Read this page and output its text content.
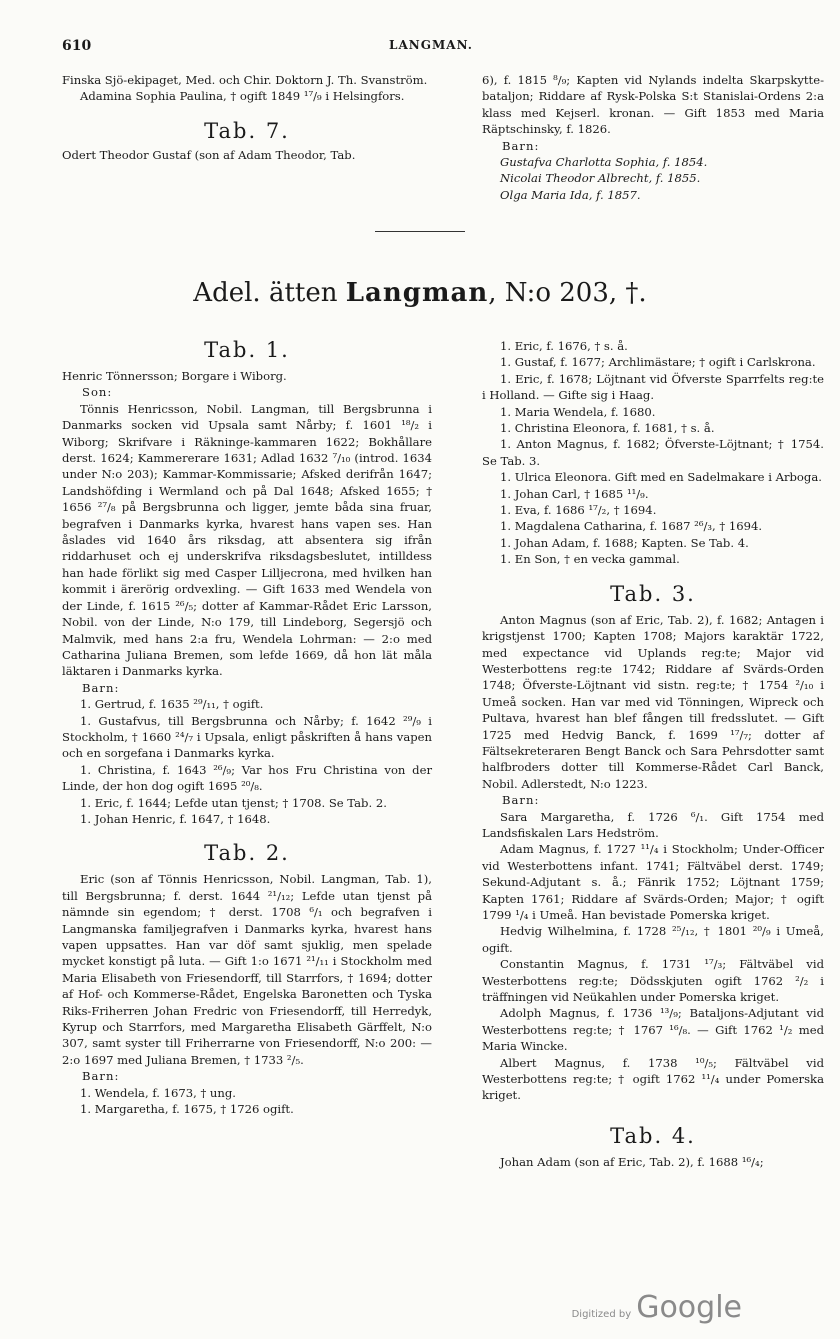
610	LANGMAN.

Finska Sjö-ekipaget, Med. och Chir. Doktorn J. Th. Svanström.

Adamina Sophia Paulina, † ogift 1849 ¹⁷/₉ i Helsingfors.

Tab. 7.

Odert Theodor Gustaf (son af Adam Theodor, Tab.

6), f. 1815 ⁸/₉; Kapten vid Nylands indelta Skarpskytte-bataljon; Riddare af Rysk-Polska S:t Stanislai-Ordens 2:a klass med Kejserl. kronan. — Gift 1853 med Maria Räptschinsky, f. 1826.

Barn:

Gustafva Charlotta Sophia, f. 1854.

Nicolai Theodor Albrecht, f. 1855.

Olga Maria Ida, f. 1857.

Adel. ätten Langman, N:o 203, †.

Tab. 1.

Henric Tönnersson; Borgare i Wiborg.

Son:

Tönnis Henricsson, Nobil. Langman, till Bergsbrunna i Danmarks socken vid Upsala samt Nårby; f. 1601 ¹⁸/₂ i Wiborg; Skrifvare i Räkninge-kammaren 1622; Bokhållare derst. 1624; Kammererare 1631; Adlad 1632 ⁷/₁₀ (introd. 1634 under N:o 203); Kammar-Kommissarie; Afsked derifrån 1647; Landshöfding i Wermland och på Dal 1648; Afsked 1655; † 1656 ²⁷/₈ på Bergsbrunna och ligger, jemte båda sina fruar, begrafven i Danmarks kyrka, hvarest hans vapen ses. Han åslades vid 1640 års riksdag, att absentera sig ifrån riddarhuset och ej underskrifva riksdagsbeslutet, intilldess han hade förlikt sig med Casper Lilljecrona, med hvilken han kommit i ärerörig ordvexling. — Gift 1633 med Wendela von der Linde, f. 1615 ²⁶/₅; dotter af Kammar-Rådet Eric Larsson, Nobil. von der Linde, N:o 179, till Lindeborg, Segersjö och Malmvik, med hans 2:a fru, Wendela Lohrman: — 2:o med Catharina Juliana Bremen, som lefde 1669, då hon lät måla läktaren i Danmarks kyrka.

Barn:

1. Gertrud, f. 1635 ²⁹/₁₁, † ogift.

1. Gustafvus, till Bergsbrunna och Nårby; f. 1642 ²⁹/₉ i Stockholm, † 1660 ²⁴/₇ i Upsala, enligt påskriften å hans vapen och en sorgefana i Danmarks kyrka.

1. Christina, f. 1643 ²⁶/₉; Var hos Fru Christina von der Linde, der hon dog ogift 1695 ²⁰/₈.

1. Eric, f. 1644; Lefde utan tjenst; † 1708. Se Tab. 2.

1. Johan Henric, f. 1647, † 1648.

Tab. 2.

Eric (son af Tönnis Henricsson, Nobil. Langman, Tab. 1), till Bergsbrunna; f. derst. 1644 ²¹/₁₂; Lefde utan tjenst på nämnde sin egendom; † derst. 1708 ⁶/₁ och begrafven i Langmanska familjegrafven i Danmarks kyrka, hvarest hans vapen uppsattes. Han var döf samt sjuklig, men spelade mycket konstigt på luta. — Gift 1:o 1671 ²¹/₁₁ i Stockholm med Maria Elisabeth von Friesendorff, till Starrfors, † 1694; dotter af Hof- och Kommerse-Rådet, Engelska Baronetten och Tyska Riks-Friherren Johan Fredric von Friesendorff, till Herredyk, Kyrup och Starrfors, med Margaretha Elisabeth Gärffelt, N:o 307, samt syster till Friherrarne von Friesendorff, N:o 200: — 2:o 1697 med Juliana Bremen, † 1733 ²/₅.

Barn:

1. Wendela, f. 1673, † ung.

1. Margaretha, f. 1675, † 1726 ogift.

1. Eric, f. 1676, † s. å.

1. Gustaf, f. 1677; Archlimästare; † ogift i Carlskrona.

1. Eric, f. 1678; Löjtnant vid Öfverste Sparrfelts reg:te i Holland. — Gifte sig i Haag.

1. Maria Wendela, f. 1680.

1. Christina Eleonora, f. 1681, † s. å.

1. Anton Magnus, f. 1682; Öfverste-Löjtnant; † 1754. Se Tab. 3.

1. Ulrica Eleonora. Gift med en Sadelmakare i Arboga.

1. Johan Carl, † 1685 ¹¹/₉.

1. Eva, f. 1686 ¹⁷/₂, † 1694.

1. Magdalena Catharina, f. 1687 ²⁶/₃, † 1694.

1. Johan Adam, f. 1688; Kapten. Se Tab. 4.

1. En Son, † en vecka gammal.

Tab. 3.

Anton Magnus (son af Eric, Tab. 2), f. 1682; Antagen i krigstjenst 1700; Kapten 1708; Majors karaktär 1722, med expectance vid Uplands reg:te; Major vid Westerbottens reg:te 1742; Riddare af Svärds-Orden 1748; Öfverste-Löjtnant vid sistn. reg:te; † 1754 ²/₁₀ i Umeå socken. Han var med vid Tönningen, Wipreck och Pultava, hvarest han blef fången till fredsslutet. — Gift 1725 med Hedvig Banck, f. 1699 ¹⁷/₇; dotter af Fältsekreteraren Bengt Banck och Sara Pehrsdotter samt halfbroders dotter till Kommerse-Rådet Carl Banck, Nobil. Adlerstedt, N:o 1223.

Barn:

Sara Margaretha, f. 1726 ⁶/₁. Gift 1754 med Landsfiskalen Lars Hedström.

Adam Magnus, f. 1727 ¹¹/₄ i Stockholm; Under-Officer vid Westerbottens infant. 1741; Fältväbel derst. 1749; Sekund-Adjutant s. å.; Fänrik 1752; Löjtnant 1759; Kapten 1761; Riddare af Svärds-Orden; Major; † ogift 1799 ¹/₄ i Umeå. Han bevistade Pomerska kriget.

Hedvig Wilhelmina, f. 1728 ²⁵/₁₂, † 1801 ²⁰/₉ i Umeå, ogift.

Constantin Magnus, f. 1731 ¹⁷/₃; Fältväbel vid Westerbottens reg:te; Dödsskjuten ogift 1762 ²/₂ i träffningen vid Neükahlen under Pomerska kriget.

Adolph Magnus, f. 1736 ¹³/₉; Bataljons-Adjutant vid Westerbottens reg:te; † 1767 ¹⁶/₈. — Gift 1762 ¹/₂ med Maria Wincke.

Albert Magnus, f. 1738 ¹⁰/₅; Fältväbel vid Westerbottens reg:te; † ogift 1762 ¹¹/₄ under Pomerska kriget.

Tab. 4.

Johan Adam (son af Eric, Tab. 2), f. 1688 ¹⁶/₄;

Digitized by Google
